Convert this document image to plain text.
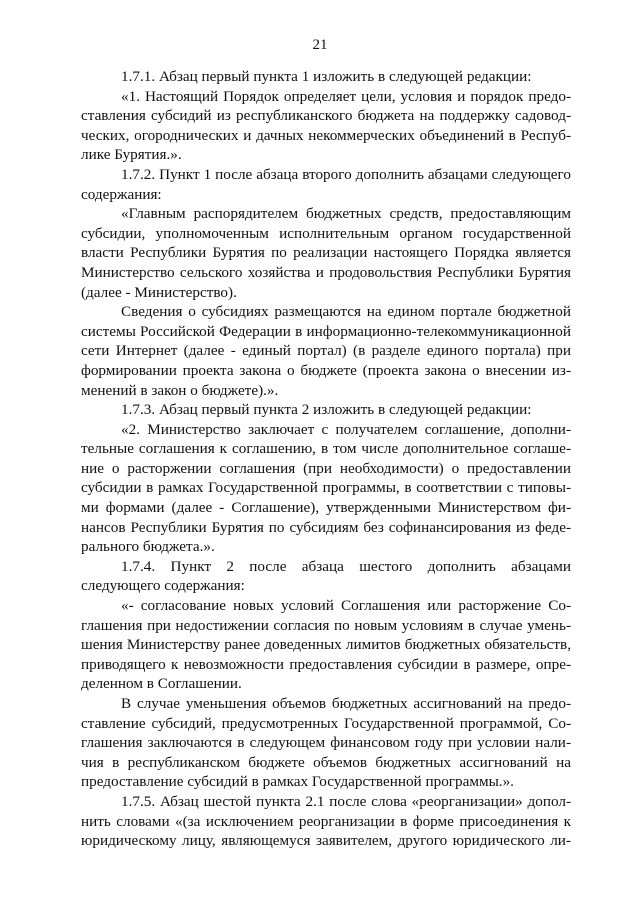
21

1.7.1. Абзац первый пункта 1 изложить в следующей редакции:

«1. Настоящий Порядок определяет цели, условия и порядок предоставления субсидий из республиканского бюджета на поддержку садоводческих, огороднических и дачных некоммерческих объединений в Республике Бурятия.».

1.7.2. Пункт 1 после абзаца второго дополнить абзацами следующего содержания:

«Главным распорядителем бюджетных средств, предоставляющим субсидии, уполномоченным исполнительным органом государственной власти Республики Бурятия по реализации настоящего Порядка является Министерство сельского хозяйства и продовольствия Республики Бурятия (далее - Министерство).

Сведения о субсидиях размещаются на едином портале бюджетной системы Российской Федерации в информационно-телекоммуникационной сети Интернет (далее - единый портал) (в разделе единого портала) при формировании проекта закона о бюджете (проекта закона о внесении изменений в закон о бюджете).».

1.7.3. Абзац первый пункта 2 изложить в следующей редакции:

«2. Министерство заключает с получателем соглашение, дополнительные соглашения к соглашению, в том числе дополнительное соглашение о расторжении соглашения (при необходимости) о предоставлении субсидии в рамках Государственной программы, в соответствии с типовыми формами (далее - Соглашение), утвержденными Министерством финансов Республики Бурятия по субсидиям без софинансирования из федерального бюджета.».

1.7.4. Пункт 2 после абзаца шестого дополнить абзацами следующего содержания:

«- согласование новых условий Соглашения или расторжение Соглашения при недостижении согласия по новым условиям в случае уменьшения Министерству ранее доведенных лимитов бюджетных обязательств, приводящего к невозможности предоставления субсидии в размере, определенном в Соглашении.

В случае уменьшения объемов бюджетных ассигнований на предоставление субсидий, предусмотренных Государственной программой, Соглашения заключаются в следующем финансовом году при условии наличия в республиканском бюджете объемов бюджетных ассигнований на предоставление субсидий в рамках Государственной программы.».

1.7.5. Абзац шестой пункта 2.1 после слова «реорганизации» дополнить словами «(за исключением реорганизации в форме присоединения к юридическому лицу, являющемуся заявителем, другого юридического ли-
